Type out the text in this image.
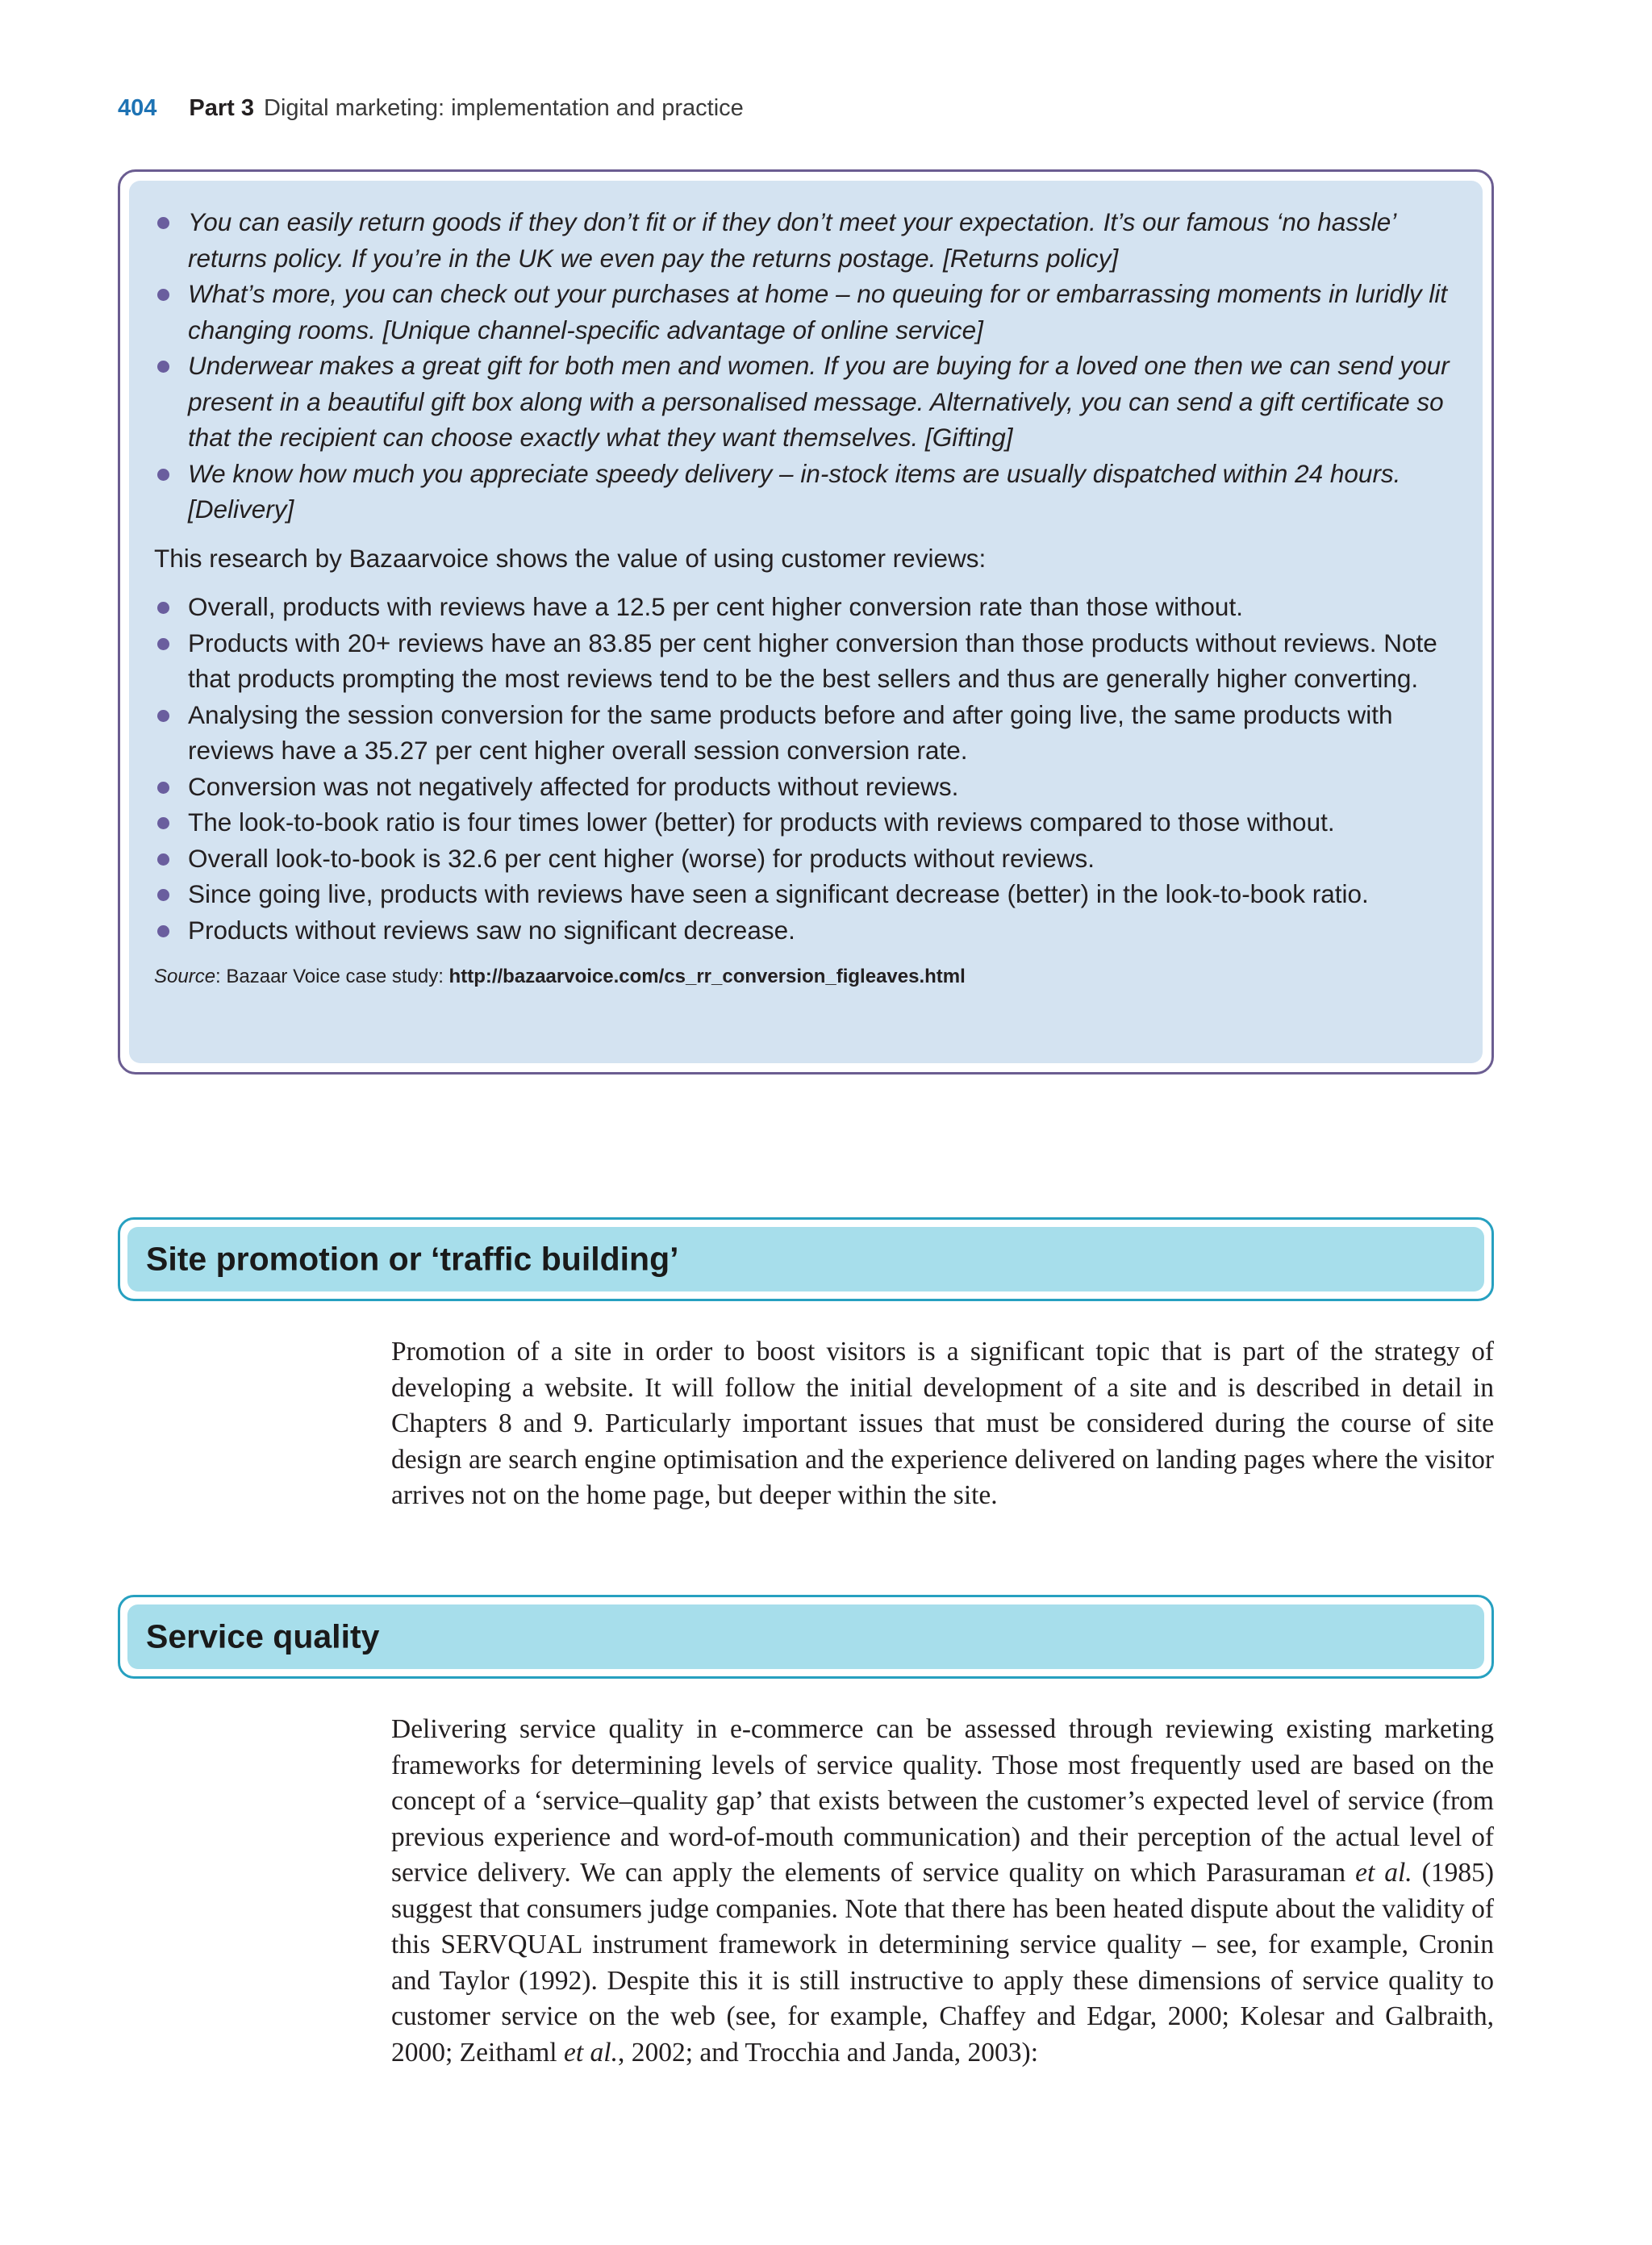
404 Part 3 Digital marketing: implementation and practice
You can easily return goods if they don’t fit or if they don’t meet your expectation. It’s our famous ‘no hassle’ returns policy. If you’re in the UK we even pay the returns postage. [Returns policy]
What’s more, you can check out your purchases at home – no queuing for or embarrassing moments in luridly lit changing rooms. [Unique channel-specific advantage of online service]
Underwear makes a great gift for both men and women. If you are buying for a loved one then we can send your present in a beautiful gift box along with a personalised message. Alternatively, you can send a gift certificate so that the recipient can choose exactly what they want themselves. [Gifting]
We know how much you appreciate speedy delivery – in-stock items are usually dispatched within 24 hours. [Delivery]
This research by Bazaarvoice shows the value of using customer reviews:
Overall, products with reviews have a 12.5 per cent higher conversion rate than those without.
Products with 20+ reviews have an 83.85 per cent higher conversion than those products without reviews. Note that products prompting the most reviews tend to be the best sellers and thus are generally higher converting.
Analysing the session conversion for the same products before and after going live, the same products with reviews have a 35.27 per cent higher overall session conversion rate.
Conversion was not negatively affected for products without reviews.
The look-to-book ratio is four times lower (better) for products with reviews compared to those without.
Overall look-to-book is 32.6 per cent higher (worse) for products without reviews.
Since going live, products with reviews have seen a significant decrease (better) in the look-to-book ratio.
Products without reviews saw no significant decrease.
Source: Bazaar Voice case study: http://bazaarvoice.com/cs_rr_conversion_figleaves.html
Site promotion or ‘traffic building’

Promotion of a site in order to boost visitors is a significant topic that is part of the strategy of developing a website. It will follow the initial development of a site and is described in detail in Chapters 8 and 9. Particularly important issues that must be considered during the course of site design are search engine optimisation and the experience delivered on landing pages where the visitor arrives not on the home page, but deeper within the site.

Service quality

Delivering service quality in e-commerce can be assessed through reviewing existing marketing frameworks for determining levels of service quality. Those most frequently used are based on the concept of a ‘service–quality gap’ that exists between the customer’s expected level of service (from previous experience and word-of-mouth communication) and their perception of the actual level of service delivery. We can apply the elements of service quality on which Parasuraman et al. (1985) suggest that consumers judge companies. Note that there has been heated dispute about the validity of this SERVQUAL instrument framework in determining service quality – see, for example, Cronin and Taylor (1992). Despite this it is still instructive to apply these dimensions of service quality to customer service on the web (see, for example, Chaffey and Edgar, 2000; Kolesar and Galbraith, 2000; Zeithaml et al., 2002; and Trocchia and Janda, 2003):
